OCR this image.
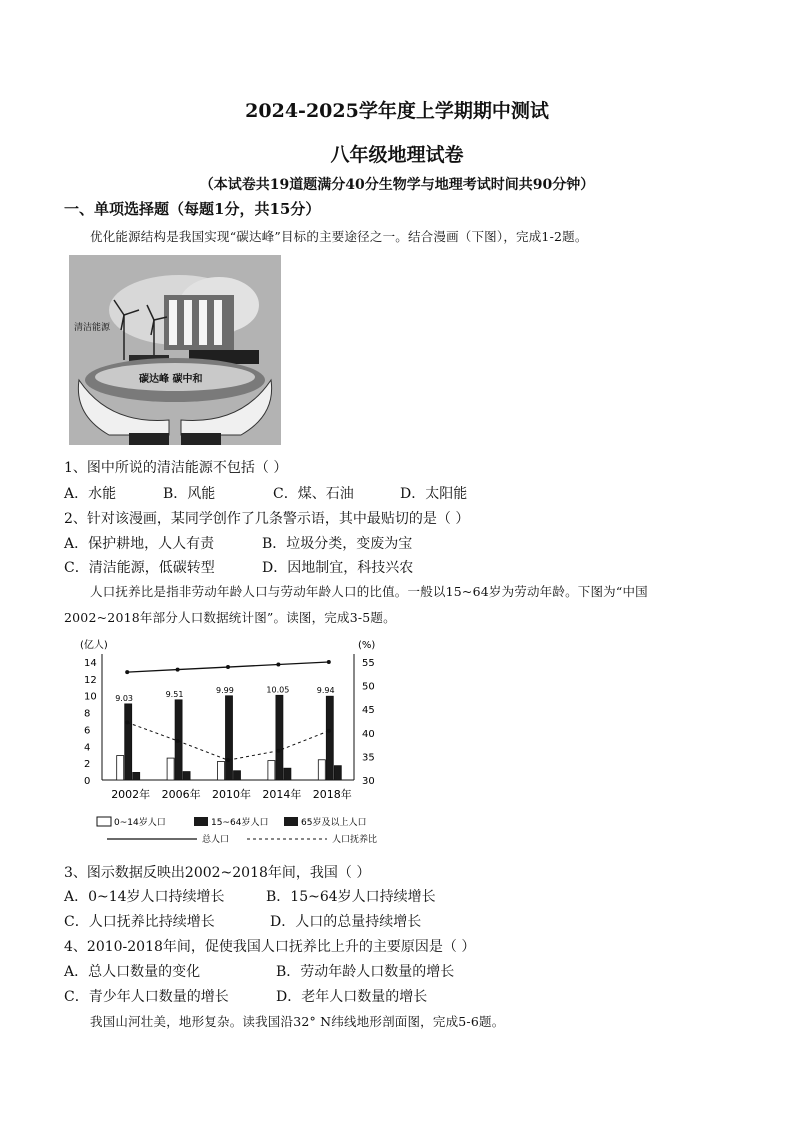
2024-2025学年度上学期期中测试
八年级地理试卷
（本试卷共19道题满分40分生物学与地理考试时间共90分钟）
一、单项选择题（每题1分，共15分）
优化能源结构是我国实现“碳达峰”目标的主要途径之一。结合漫画（下图），完成1-2题。
清洁能源
碳达峰 碳中和
1、图中所说的清洁能源不包括（ ）
A．水能	B．风能	C．煤、石油	D．太阳能
2、针对该漫画，某同学创作了几条警示语，其中最贴切的是（ ）
A．保护耕地，人人有责	B．垃圾分类，变废为宝
C．清洁能源，低碳转型	D．因地制宜，科技兴农
人口抚养比是指非劳动年龄人口与劳动年龄人口的比值。一般以15~64岁为劳动年龄。下图为“中国
2002~2018年部分人口数据统计图”。读图，完成3-5题。
(亿人)	(%)
0
2
4
6
8
10
12
14
30
35
40
45
50
55
9.03
2002年
9.51
2006年
9.99
2010年
10.05
2014年
9.94
2018年
0~14岁人口	15~64岁人口	65岁及以上人口
总人口	人口抚养比
3、图示数据反映出2002~2018年间，我国（ ）
A．0~14岁人口持续增长	B．15~64岁人口持续增长
C．人口抚养比持续增长	D．人口的总量持续增长
4、2010-2018年间，促使我国人口抚养比上升的主要原因是（ ）
A．总人口数量的变化	B．劳动年龄人口数量的增长
C．青少年人口数量的增长	D．老年人口数量的增长
我国山河壮美，地形复杂。读我国沿32° N纬线地形剖面图，完成5-6题。
